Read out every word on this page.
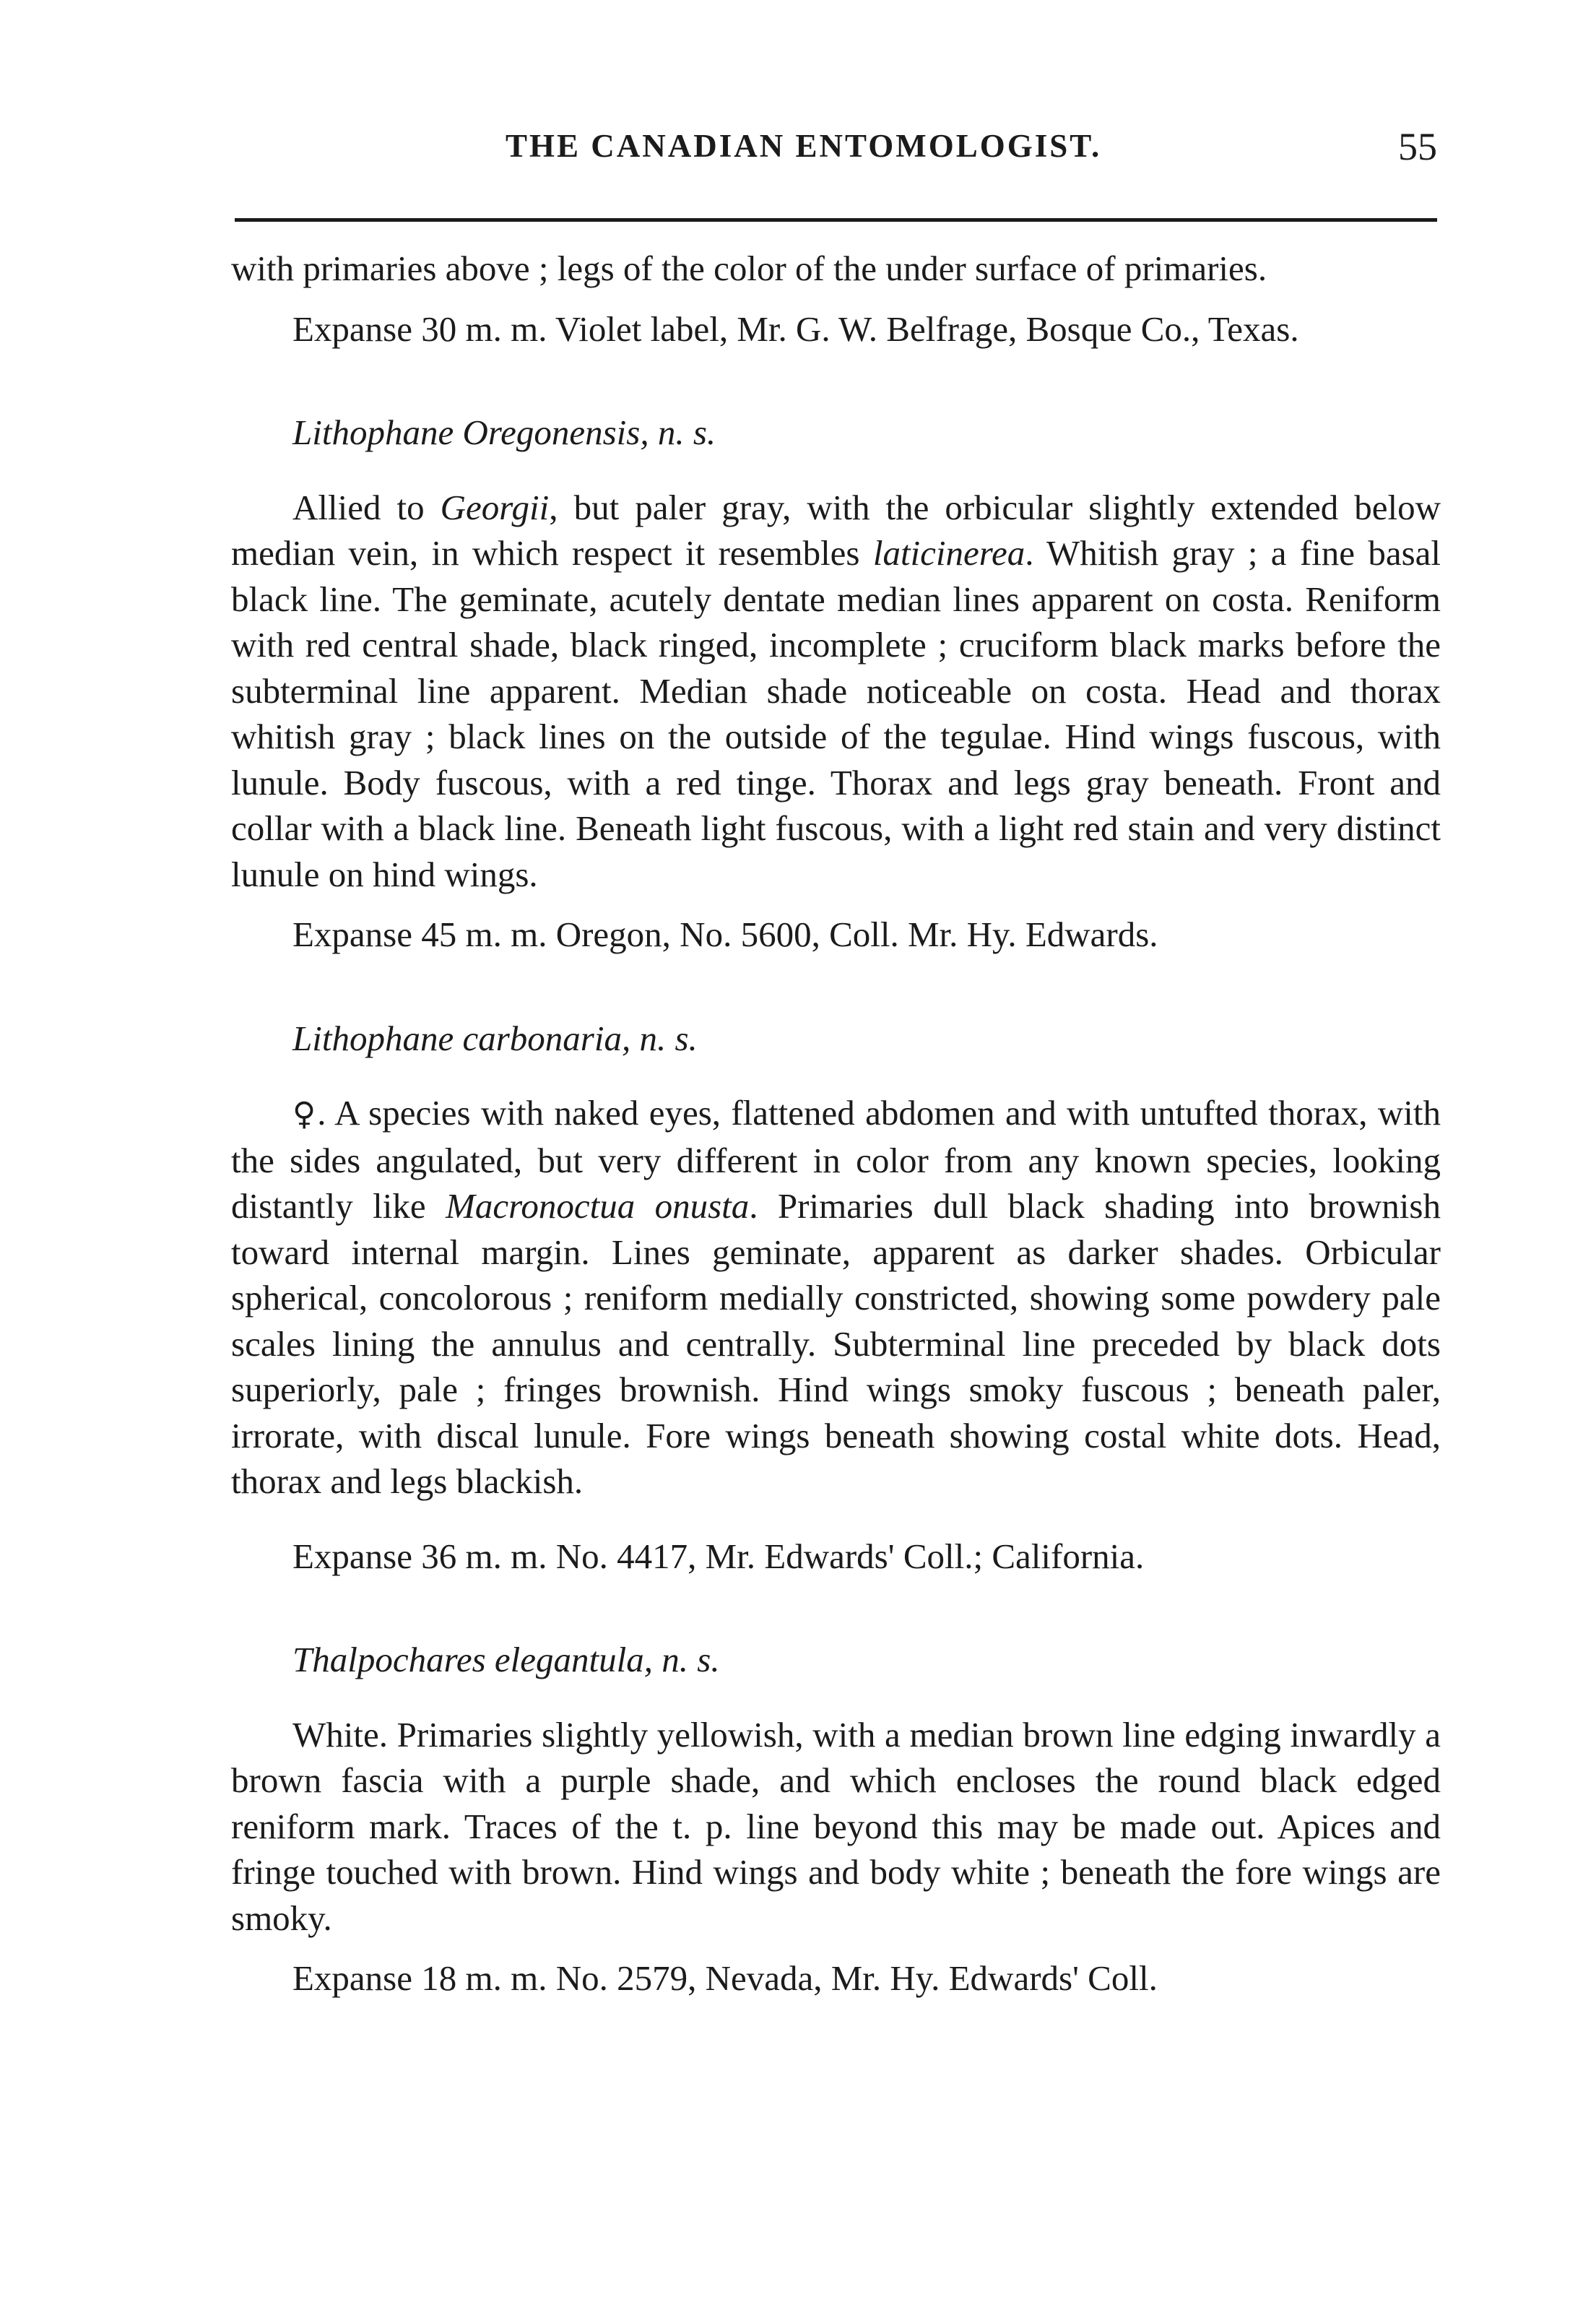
THE CANADIAN ENTOMOLOGIST.	55

with primaries above ; legs of the color of the under surface of primaries.

Expanse 30 m. m. Violet label, Mr. G. W. Belfrage, Bosque Co., Texas.

Lithophane Oregonensis, n. s.

Allied to Georgii, but paler gray, with the orbicular slightly extended below median vein, in which respect it resembles laticinerea. Whitish gray ; a fine basal black line. The geminate, acutely dentate median lines apparent on costa. Reniform with red central shade, black ringed, incomplete ; cruciform black marks before the subterminal line apparent. Median shade noticeable on costa. Head and thorax whitish gray ; black lines on the outside of the tegulae. Hind wings fuscous, with lunule. Body fuscous, with a red tinge. Thorax and legs gray beneath. Front and collar with a black line. Beneath light fuscous, with a light red stain and very distinct lunule on hind wings.

Expanse 45 m. m. Oregon, No. 5600, Coll. Mr. Hy. Edwards.

Lithophane carbonaria, n. s.

♀. A species with naked eyes, flattened abdomen and with untufted thorax, with the sides angulated, but very different in color from any known species, looking distantly like Macronoctua onusta. Primaries dull black shading into brownish toward internal margin. Lines geminate, apparent as darker shades. Orbicular spherical, concolorous ; reniform medially constricted, showing some powdery pale scales lining the annulus and centrally. Subterminal line preceded by black dots superiorly, pale ; fringes brownish. Hind wings smoky fuscous ; beneath paler, irrorate, with discal lunule. Fore wings beneath showing costal white dots. Head, thorax and legs blackish.

Expanse 36 m. m. No. 4417, Mr. Edwards' Coll.; California.

Thalpochares elegantula, n. s.

White. Primaries slightly yellowish, with a median brown line edging inwardly a brown fascia with a purple shade, and which encloses the round black edged reniform mark. Traces of the t. p. line beyond this may be made out. Apices and fringe touched with brown. Hind wings and body white ; beneath the fore wings are smoky.

Expanse 18 m. m. No. 2579, Nevada, Mr. Hy. Edwards' Coll.
